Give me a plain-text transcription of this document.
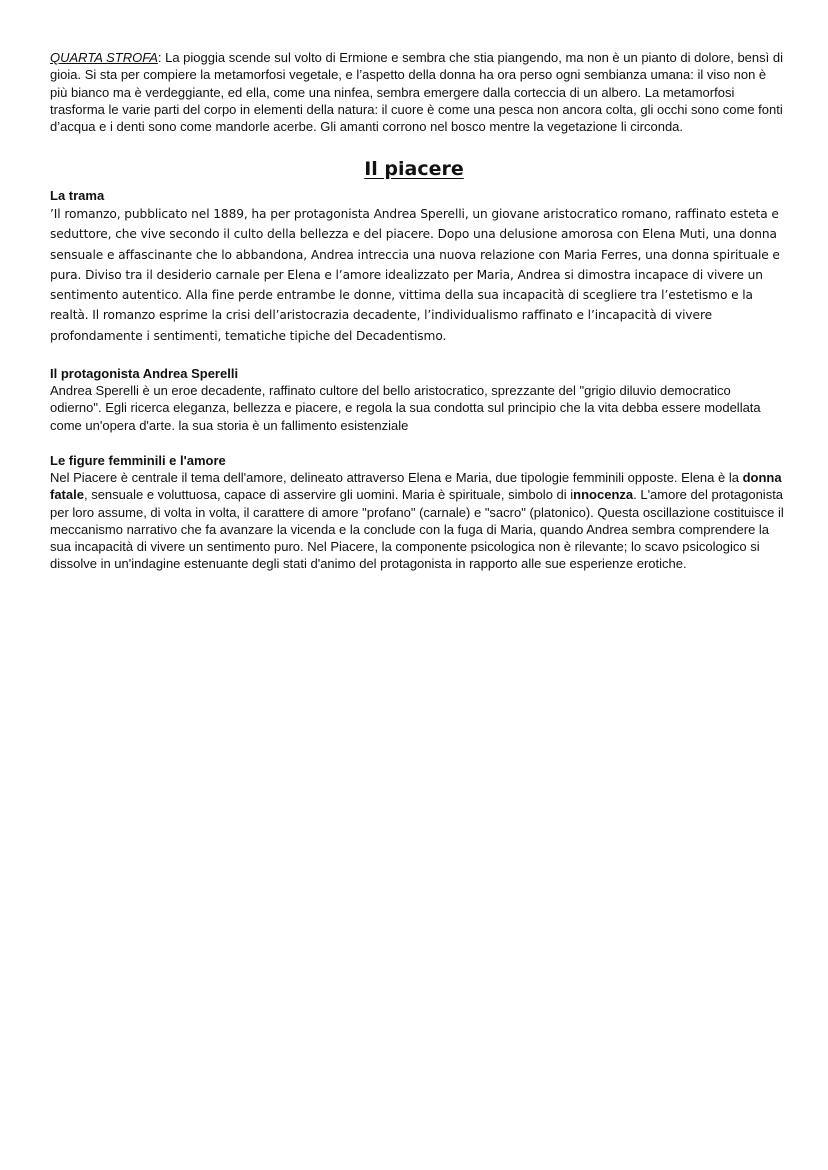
QUARTA STROFA: La pioggia scende sul volto di Ermione e sembra che stia piangendo, ma non è un pianto di dolore, bensì di gioia. Si sta per compiere la metamorfosi vegetale, e l’aspetto della donna ha ora perso ogni sembianza umana: il viso non è più bianco ma è verdeggiante, ed ella, come una ninfea, sembra emergere dalla corteccia di un albero. La metamorfosi trasforma le varie parti del corpo in elementi della natura: il cuore è come una pesca non ancora colta, gli occhi sono come fonti d’acqua e i denti sono come mandorle acerbe. Gli amanti corrono nel bosco mentre la vegetazione li circonda.

Il piacere
La trama

’Il romanzo, pubblicato nel 1889, ha per protagonista Andrea Sperelli, un giovane aristocratico romano, raffinato esteta e seduttore, che vive secondo il culto della bellezza e del piacere. Dopo una delusione amorosa con Elena Muti, una donna sensuale e affascinante che lo abbandona, Andrea intreccia una nuova relazione con Maria Ferres, una donna spirituale e pura. Diviso tra il desiderio carnale per Elena e l’amore idealizzato per Maria, Andrea si dimostra incapace di vivere un sentimento autentico. Alla fine perde entrambe le donne, vittima della sua incapacità di scegliere tra l’estetismo e la realtà. Il romanzo esprime la crisi dell’aristocrazia decadente, l’individualismo raffinato e l’incapacità di vivere profondamente i sentimenti, tematiche tipiche del Decadentismo.

Il protagonista Andrea Sperelli

Andrea Sperelli è un eroe decadente, raffinato cultore del bello aristocratico, sprezzante del "grigio diluvio democratico odierno". Egli ricerca eleganza, bellezza e piacere, e regola la sua condotta sul principio che la vita debba essere modellata come un'opera d'arte. la sua storia è un fallimento esistenziale

Le figure femminili e l'amore

Nel Piacere è centrale il tema dell'amore, delineato attraverso Elena e Maria, due tipologie femminili opposte. Elena è la donna fatale, sensuale e voluttuosa, capace di asservire gli uomini. Maria è spirituale, simbolo di innocenza. L'amore del protagonista per loro assume, di volta in volta, il carattere di amore "profano" (carnale) e "sacro" (platonico). Questa oscillazione costituisce il meccanismo narrativo che fa avanzare la vicenda e la conclude con la fuga di Maria, quando Andrea sembra comprendere la sua incapacità di vivere un sentimento puro. Nel Piacere, la componente psicologica non è rilevante; lo scavo psicologico si dissolve in un'indagine estenuante degli stati d'animo del protagonista in rapporto alle sue esperienze erotiche.
